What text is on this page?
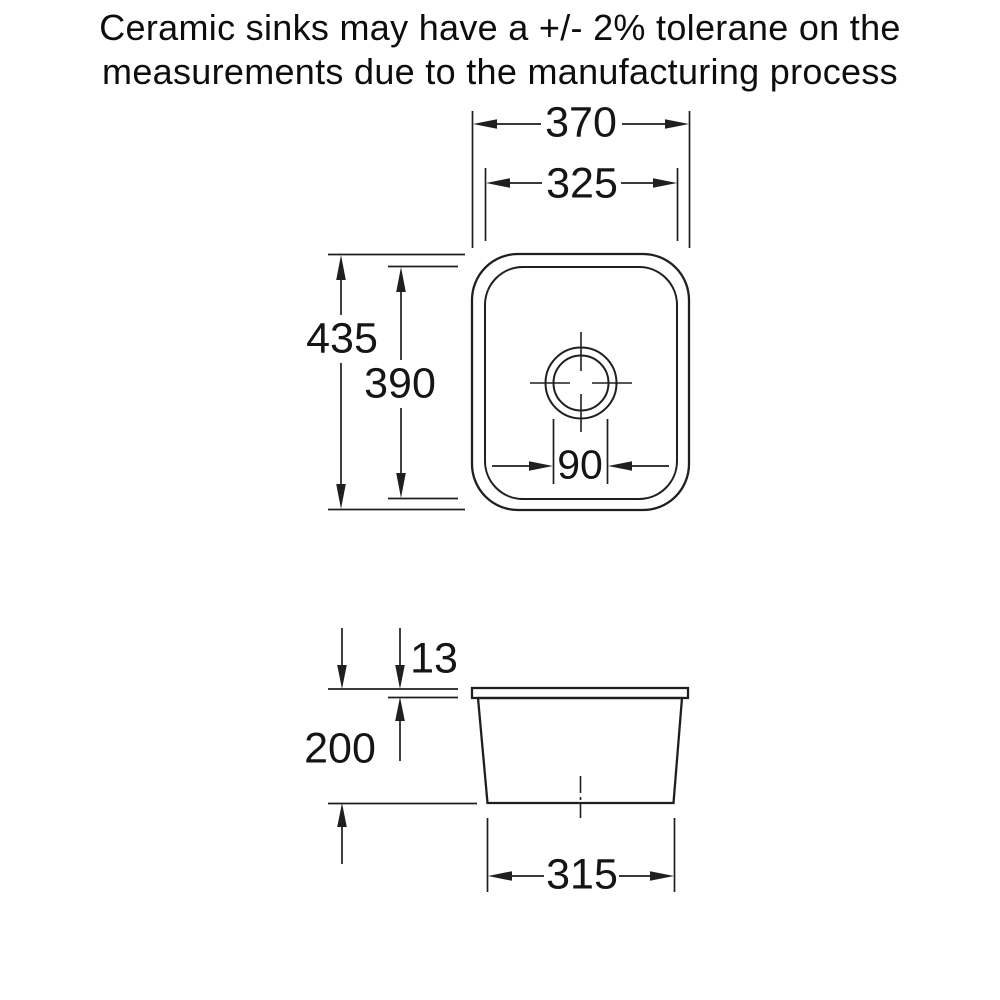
Ceramic sinks may have a +/- 2% tolerane on the
measurements due to the manufacturing process
370
325
435
390
90
13
200
315
